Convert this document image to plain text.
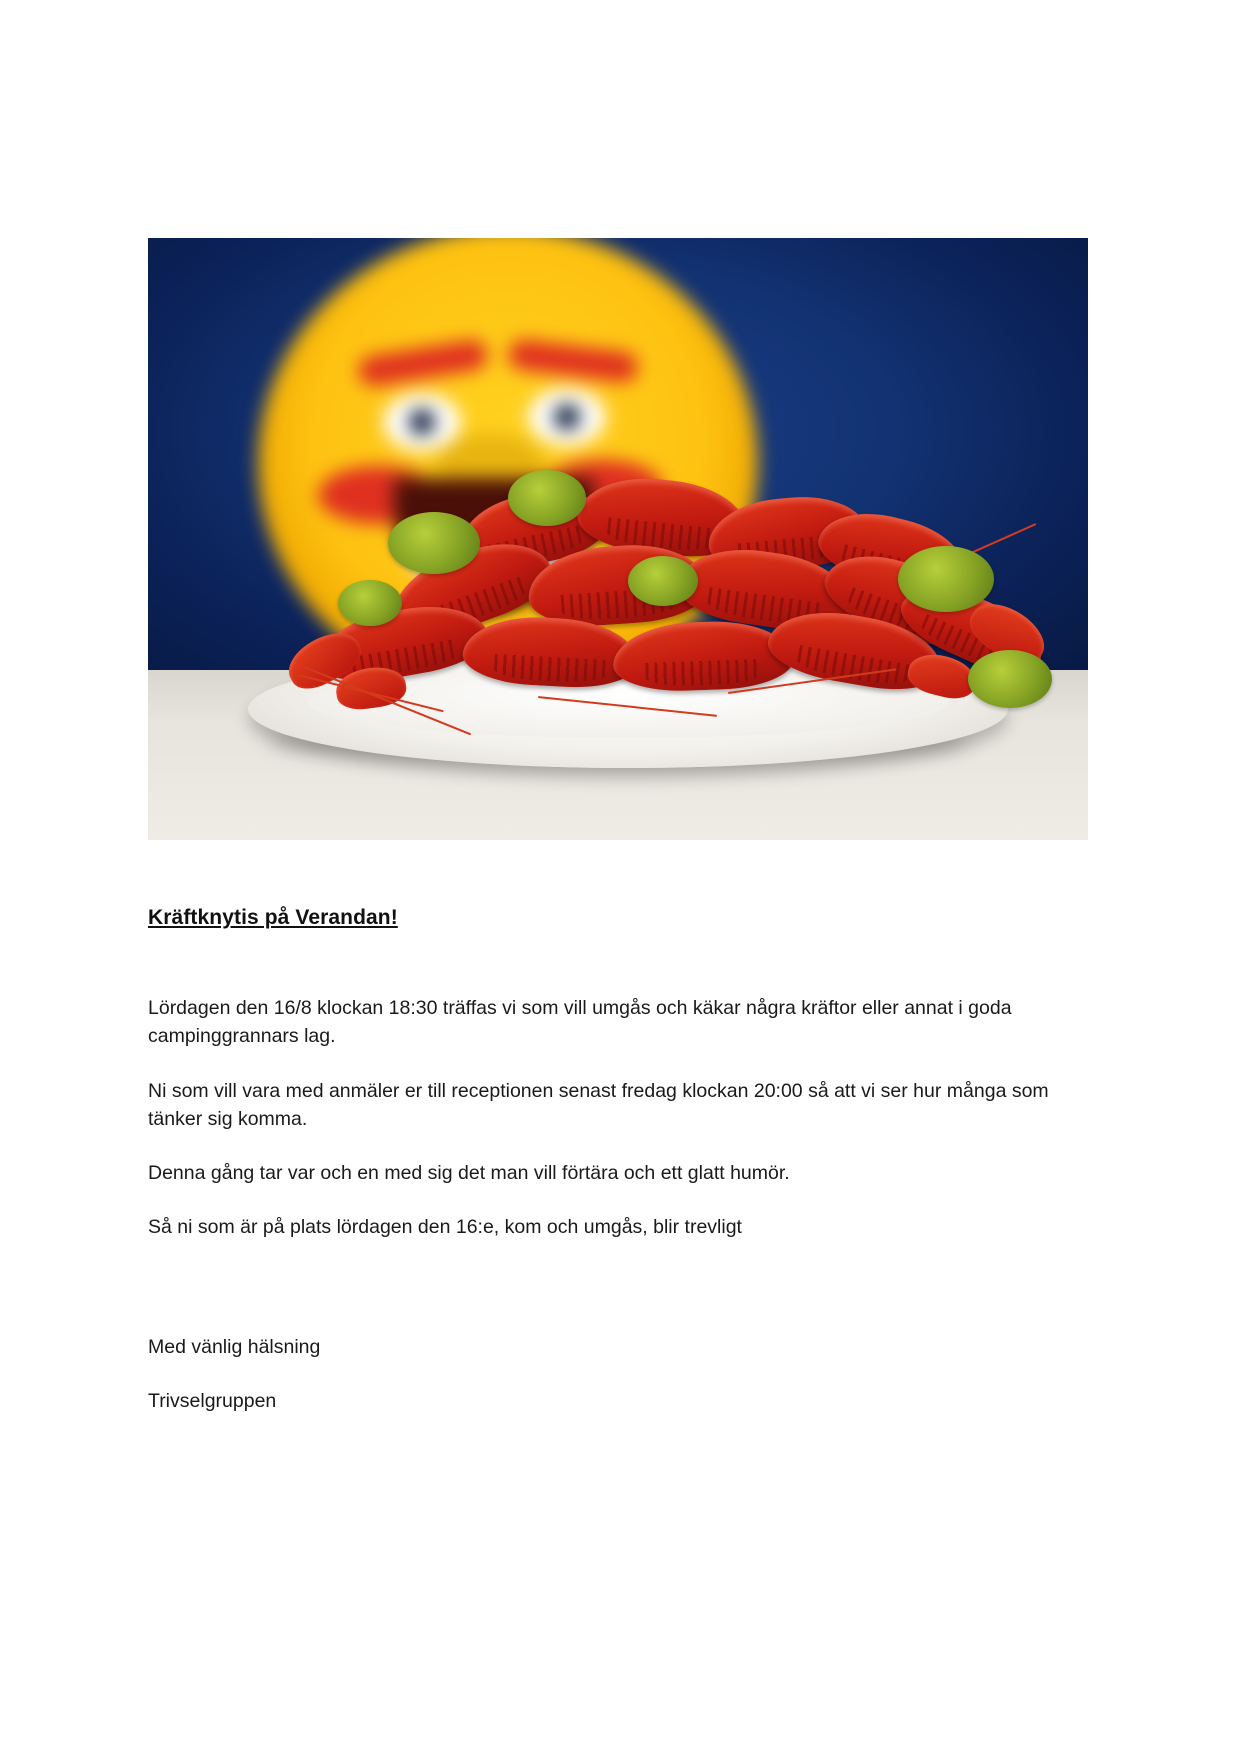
Kräftknytis på Verandan!

Lördagen den 16/8 klockan 18:30 träffas vi som vill umgås och käkar några kräftor eller annat i goda campinggrannars lag.

Ni som vill vara med anmäler er till receptionen senast fredag klockan 20:00 så att vi ser hur många som tänker sig komma.

Denna gång tar var och en med sig det man vill förtära och ett glatt humör.

Så ni som är på plats lördagen den 16:e, kom och umgås, blir trevligt

Med vänlig hälsning

Trivselgruppen
